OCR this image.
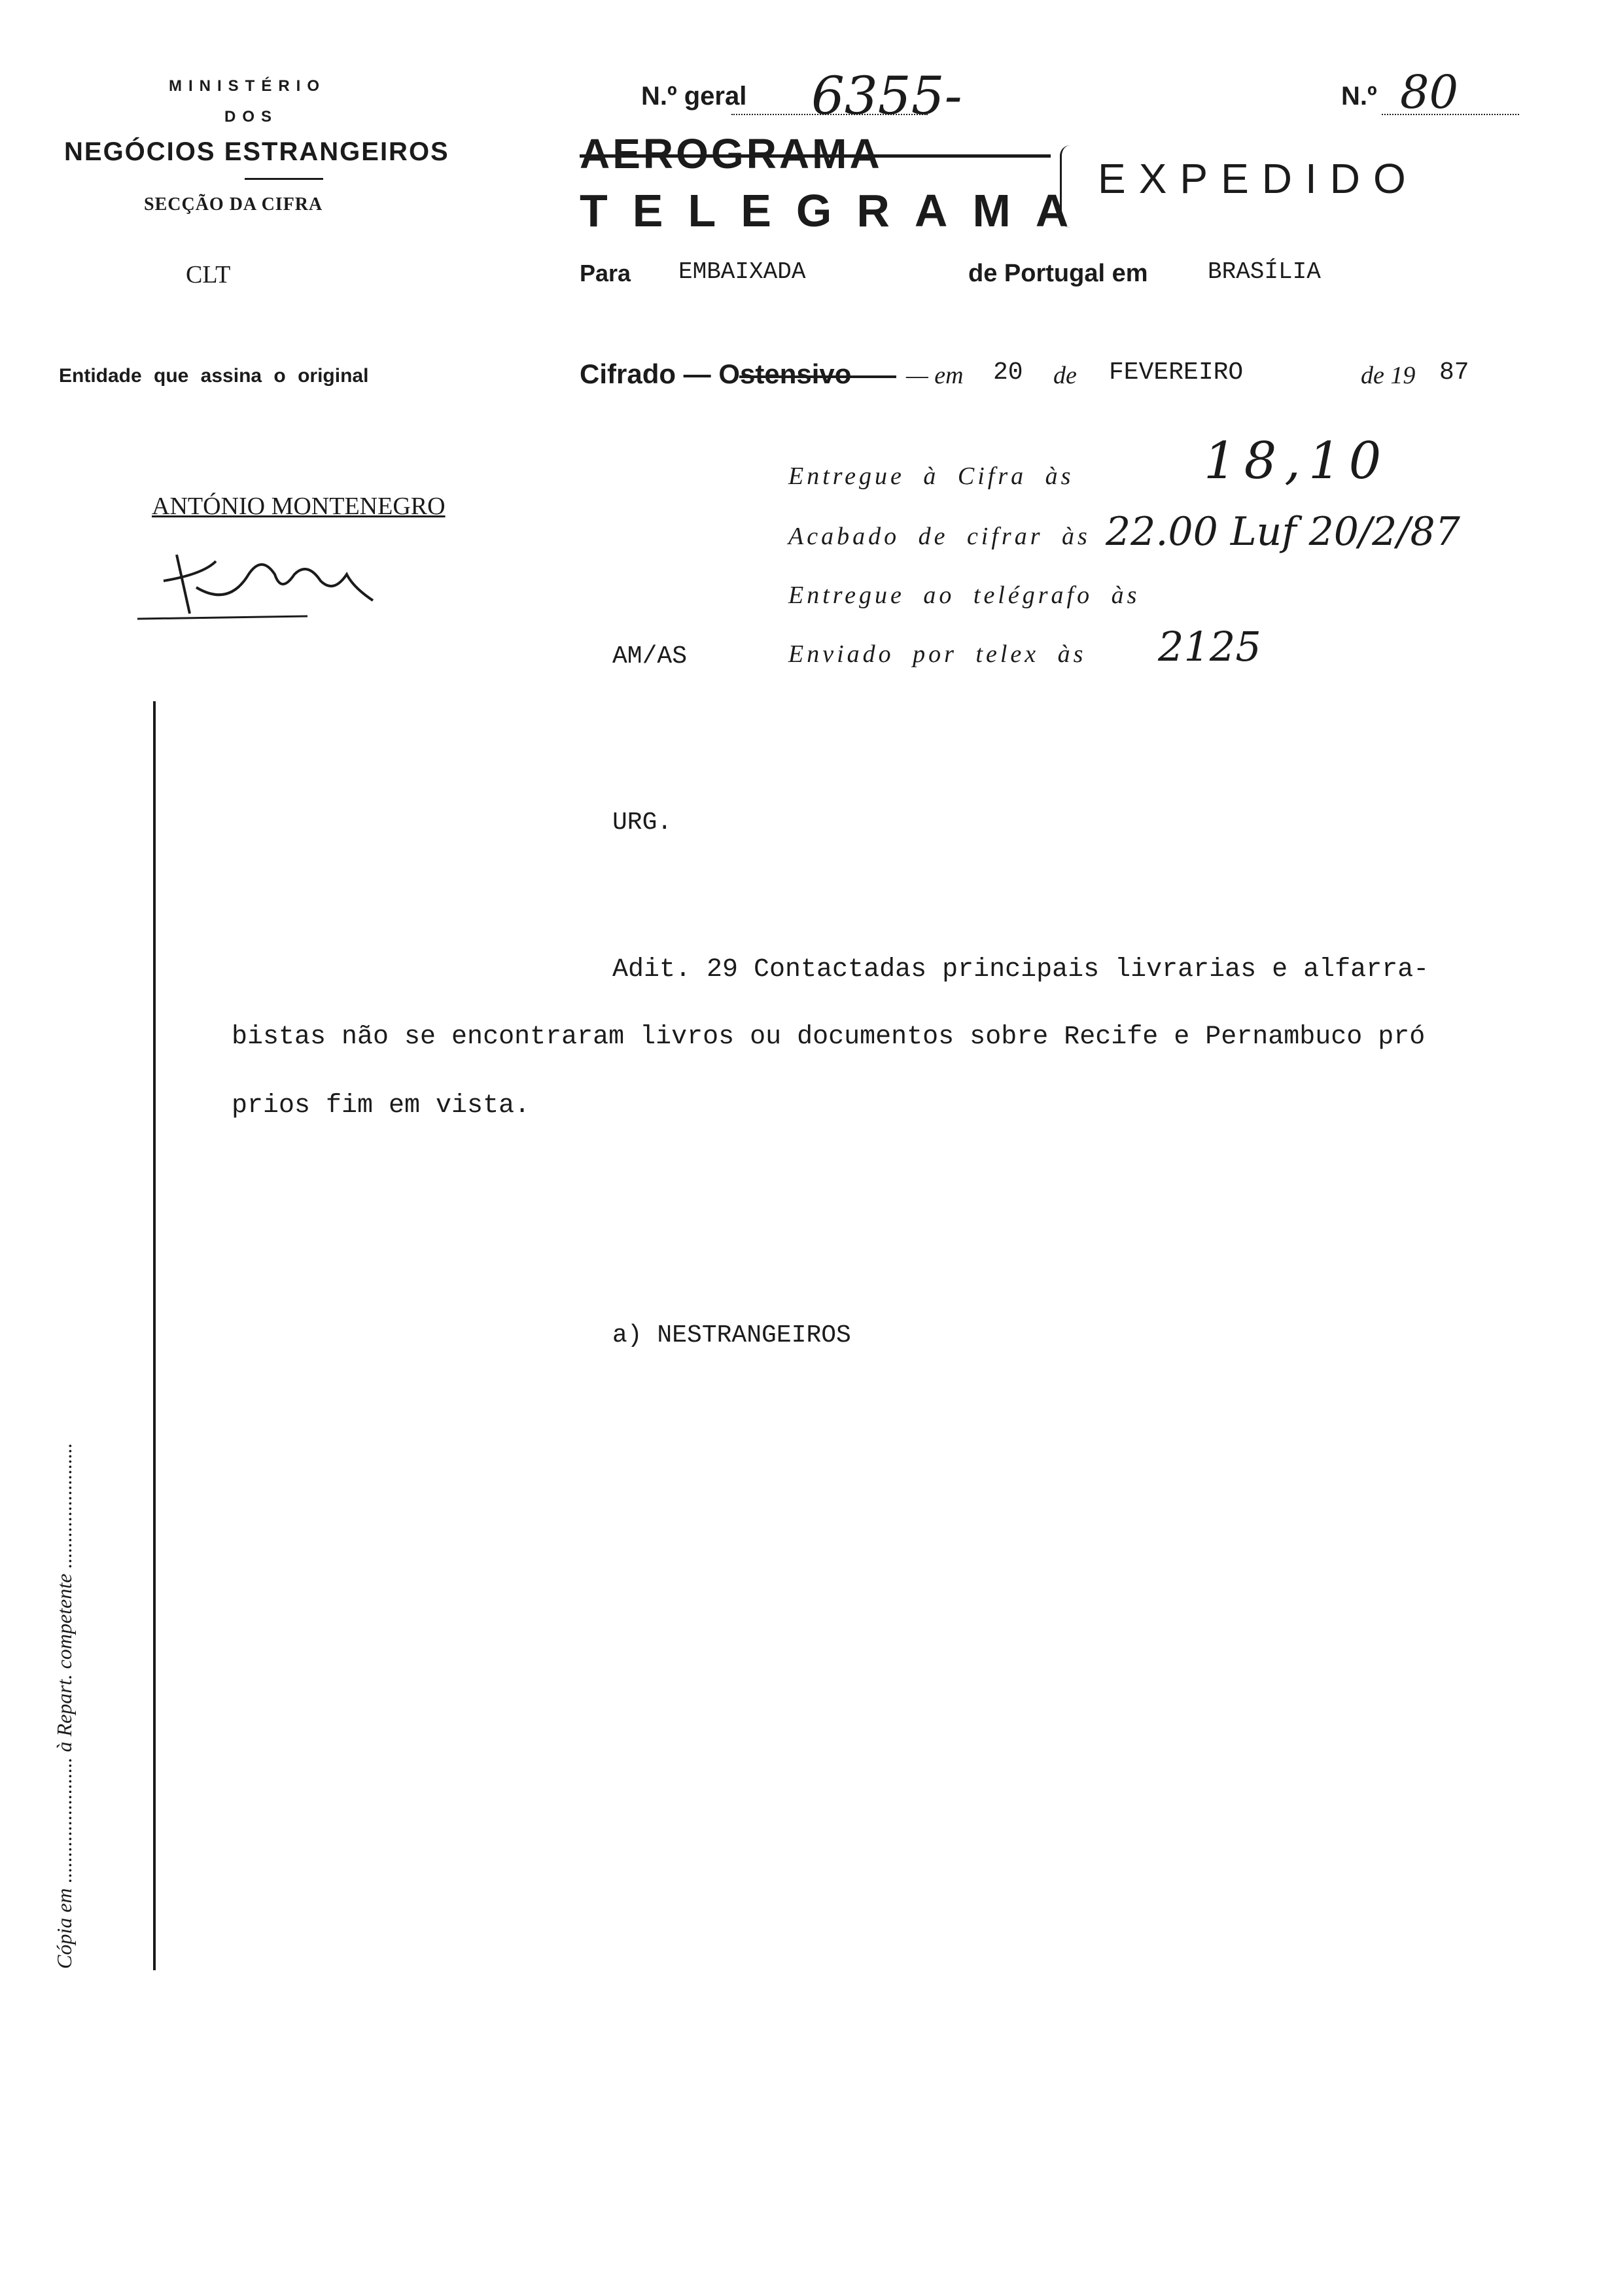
MINISTÉRIO
DOS
NEGÓCIOS ESTRANGEIROS
SECÇÃO DA CIFRA
CLT
Entidade que assina o original
ANTÓNIO MONTENEGRO
N.º geral 6355-	N.º 80
AEROGRAMA
TELEGRAMA
EXPEDIDO
Para EMBAIXADA	de Portugal em	BRASÍLIA
Cifrado — Ostensivo — em 20 de FEVEREIRO	de 19 87
Entregue à Cifra às	18,10
Acabado de cifrar às 22.00 Luf 20/2/87
Entregue ao telégrafo às
Enviado por telex às 2125
AM/AS
Cópia em ........................ à Repart. competente ........................
URG.
Adit. 29 Contactadas principais livrarias e alfarra-
bistas não se encontraram livros ou documentos sobre Recife e Pernambuco pró
prios fim em vista.
a) NESTRANGEIROS
